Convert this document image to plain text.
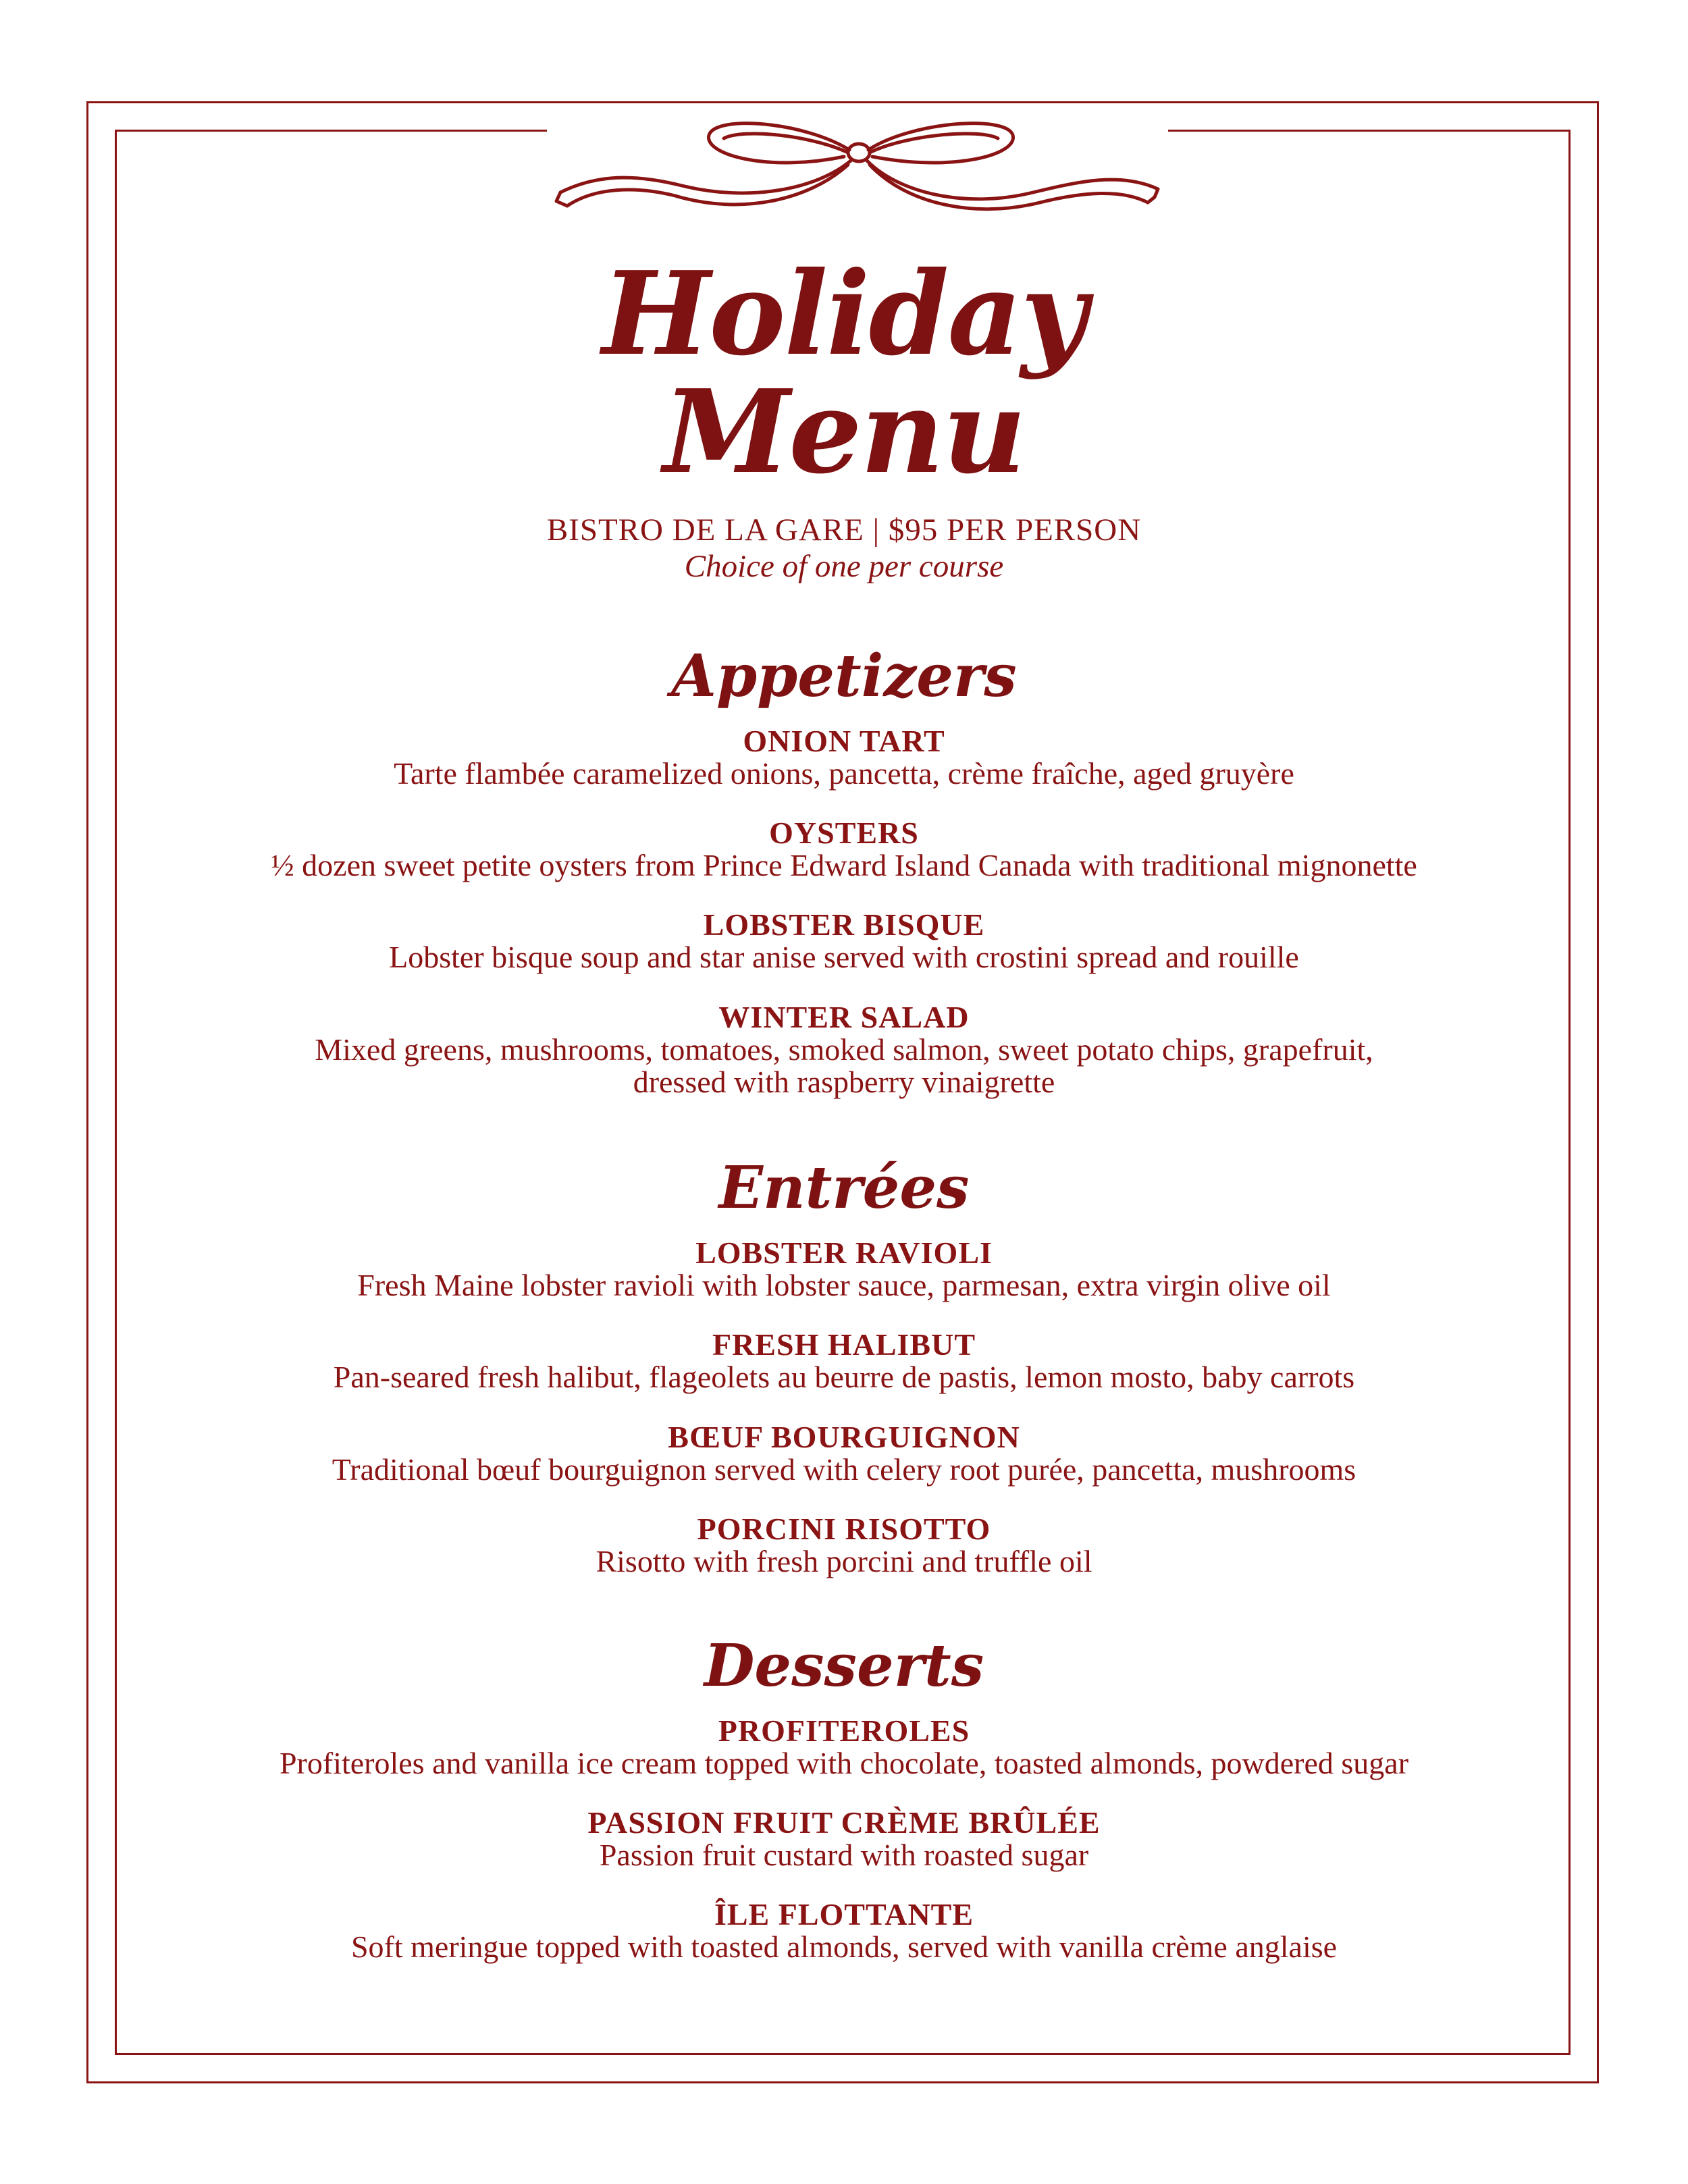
Holiday
Menu
BISTRO DE LA GARE | $95 PER PERSON
Choice of one per course
Appetizers
ONION TART
Tarte flambée caramelized onions, pancetta, crème fraîche, aged gruyère
OYSTERS
½ dozen sweet petite oysters from Prince Edward Island Canada with traditional mignonette
LOBSTER BISQUE
Lobster bisque soup and star anise served with crostini spread and rouille
WINTER SALAD
Mixed greens, mushrooms, tomatoes, smoked salmon, sweet potato chips, grapefruit,
dressed with raspberry vinaigrette
Entrées
LOBSTER RAVIOLI
Fresh Maine lobster ravioli with lobster sauce, parmesan, extra virgin olive oil
FRESH HALIBUT
Pan-seared fresh halibut, flageolets au beurre de pastis, lemon mosto, baby carrots
BŒUF BOURGUIGNON
Traditional bœuf bourguignon served with celery root purée, pancetta, mushrooms
PORCINI RISOTTO
Risotto with fresh porcini and truffle oil
Desserts
PROFITEROLES
Profiteroles and vanilla ice cream topped with chocolate, toasted almonds, powdered sugar
PASSION FRUIT CRÈME BRÛLÉE
Passion fruit custard with roasted sugar
ÎLE FLOTTANTE
Soft meringue topped with toasted almonds, served with vanilla crème anglaise
